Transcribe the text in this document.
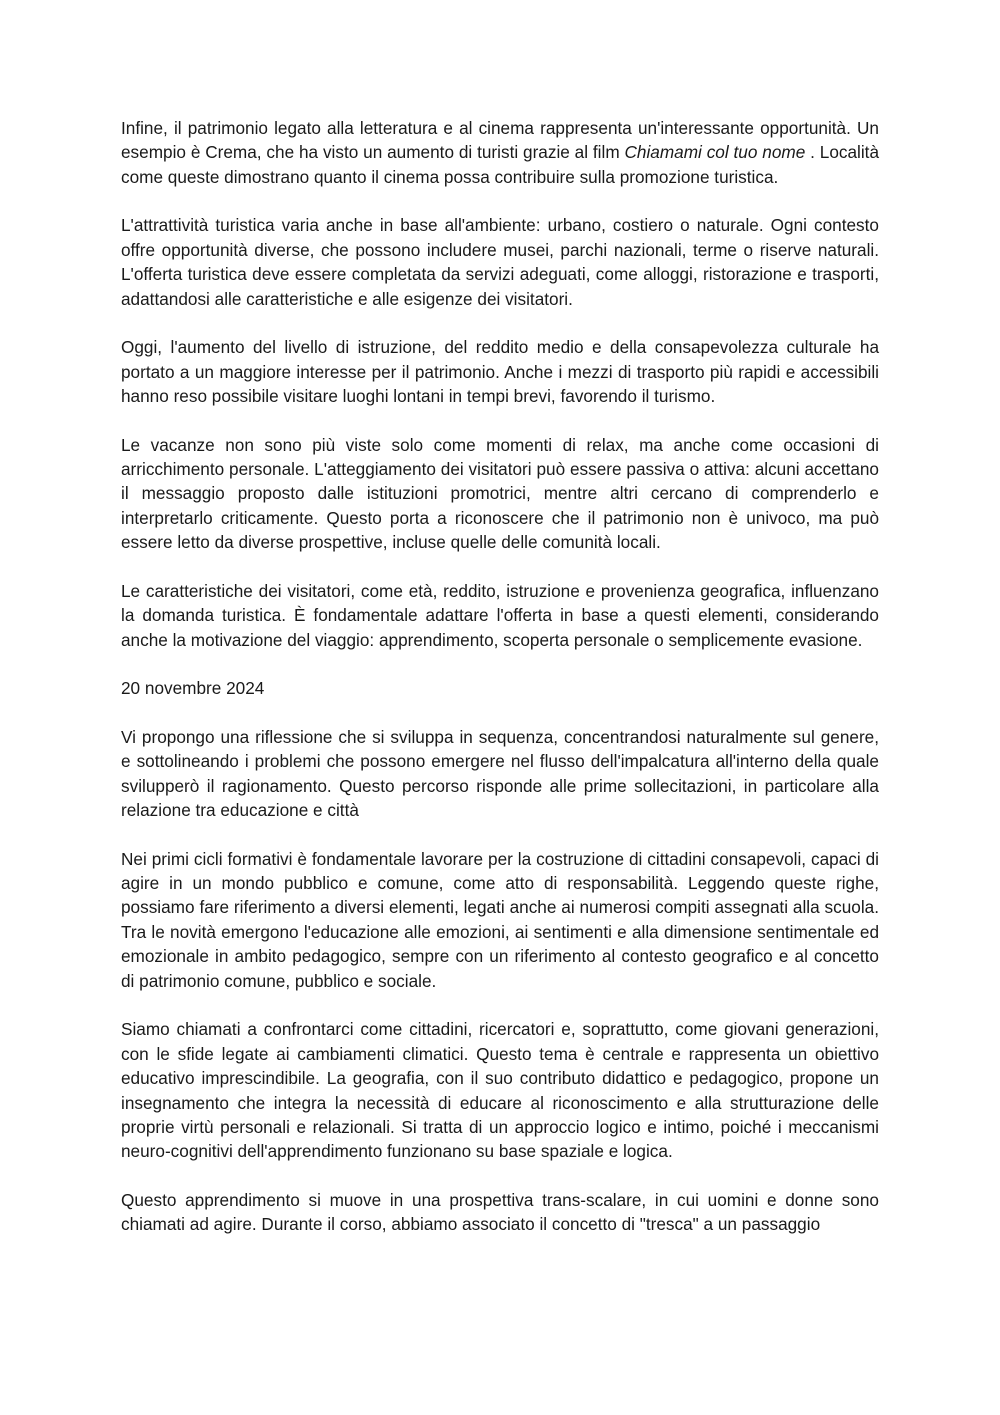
Infine, il patrimonio legato alla letteratura e al cinema rappresenta un'interessante opportunità. Un esempio è Crema, che ha visto un aumento di turisti grazie al film Chiamami col tuo nome . Località come queste dimostrano quanto il cinema possa contribuire sulla promozione turistica.

L'attrattività turistica varia anche in base all'ambiente: urbano, costiero o naturale. Ogni contesto offre opportunità diverse, che possono includere musei, parchi nazionali, terme o riserve naturali. L'offerta turistica deve essere completata da servizi adeguati, come alloggi, ristorazione e trasporti, adattandosi alle caratteristiche e alle esigenze dei visitatori.

Oggi, l'aumento del livello di istruzione, del reddito medio e della consapevolezza culturale ha portato a un maggiore interesse per il patrimonio. Anche i mezzi di trasporto più rapidi e accessibili hanno reso possibile visitare luoghi lontani in tempi brevi, favorendo il turismo.

Le vacanze non sono più viste solo come momenti di relax, ma anche come occasioni di arricchimento personale. L'atteggiamento dei visitatori può essere passiva o attiva: alcuni accettano il messaggio proposto dalle istituzioni promotrici, mentre altri cercano di comprenderlo e interpretarlo criticamente. Questo porta a riconoscere che il patrimonio non è univoco, ma può essere letto da diverse prospettive, incluse quelle delle comunità locali.

Le caratteristiche dei visitatori, come età, reddito, istruzione e provenienza geografica, influenzano la domanda turistica. È fondamentale adattare l'offerta in base a questi elementi, considerando anche la motivazione del viaggio: apprendimento, scoperta personale o semplicemente evasione.

20 novembre 2024

Vi propongo una riflessione che si sviluppa in sequenza, concentrandosi naturalmente sul genere, e sottolineando i problemi che possono emergere nel flusso dell'impalcatura all'interno della quale svilupperò il ragionamento. Questo percorso risponde alle prime sollecitazioni, in particolare alla relazione tra educazione e città

Nei primi cicli formativi è fondamentale lavorare per la costruzione di cittadini consapevoli, capaci di agire in un mondo pubblico e comune, come atto di responsabilità. Leggendo queste righe, possiamo fare riferimento a diversi elementi, legati anche ai numerosi compiti assegnati alla scuola. Tra le novità emergono l'educazione alle emozioni, ai sentimenti e alla dimensione sentimentale ed emozionale in ambito pedagogico, sempre con un riferimento al contesto geografico e al concetto di patrimonio comune, pubblico e sociale.

Siamo chiamati a confrontarci come cittadini, ricercatori e, soprattutto, come giovani generazioni, con le sfide legate ai cambiamenti climatici. Questo tema è centrale e rappresenta un obiettivo educativo imprescindibile. La geografia, con il suo contributo didattico e pedagogico, propone un insegnamento che integra la necessità di educare al riconoscimento e alla strutturazione delle proprie virtù personali e relazionali. Si tratta di un approccio logico e intimo, poiché i meccanismi neuro-cognitivi dell'apprendimento funzionano su base spaziale e logica.

Questo apprendimento si muove in una prospettiva trans-scalare, in cui uomini e donne sono chiamati ad agire. Durante il corso, abbiamo associato il concetto di "tresca" a un passaggio
